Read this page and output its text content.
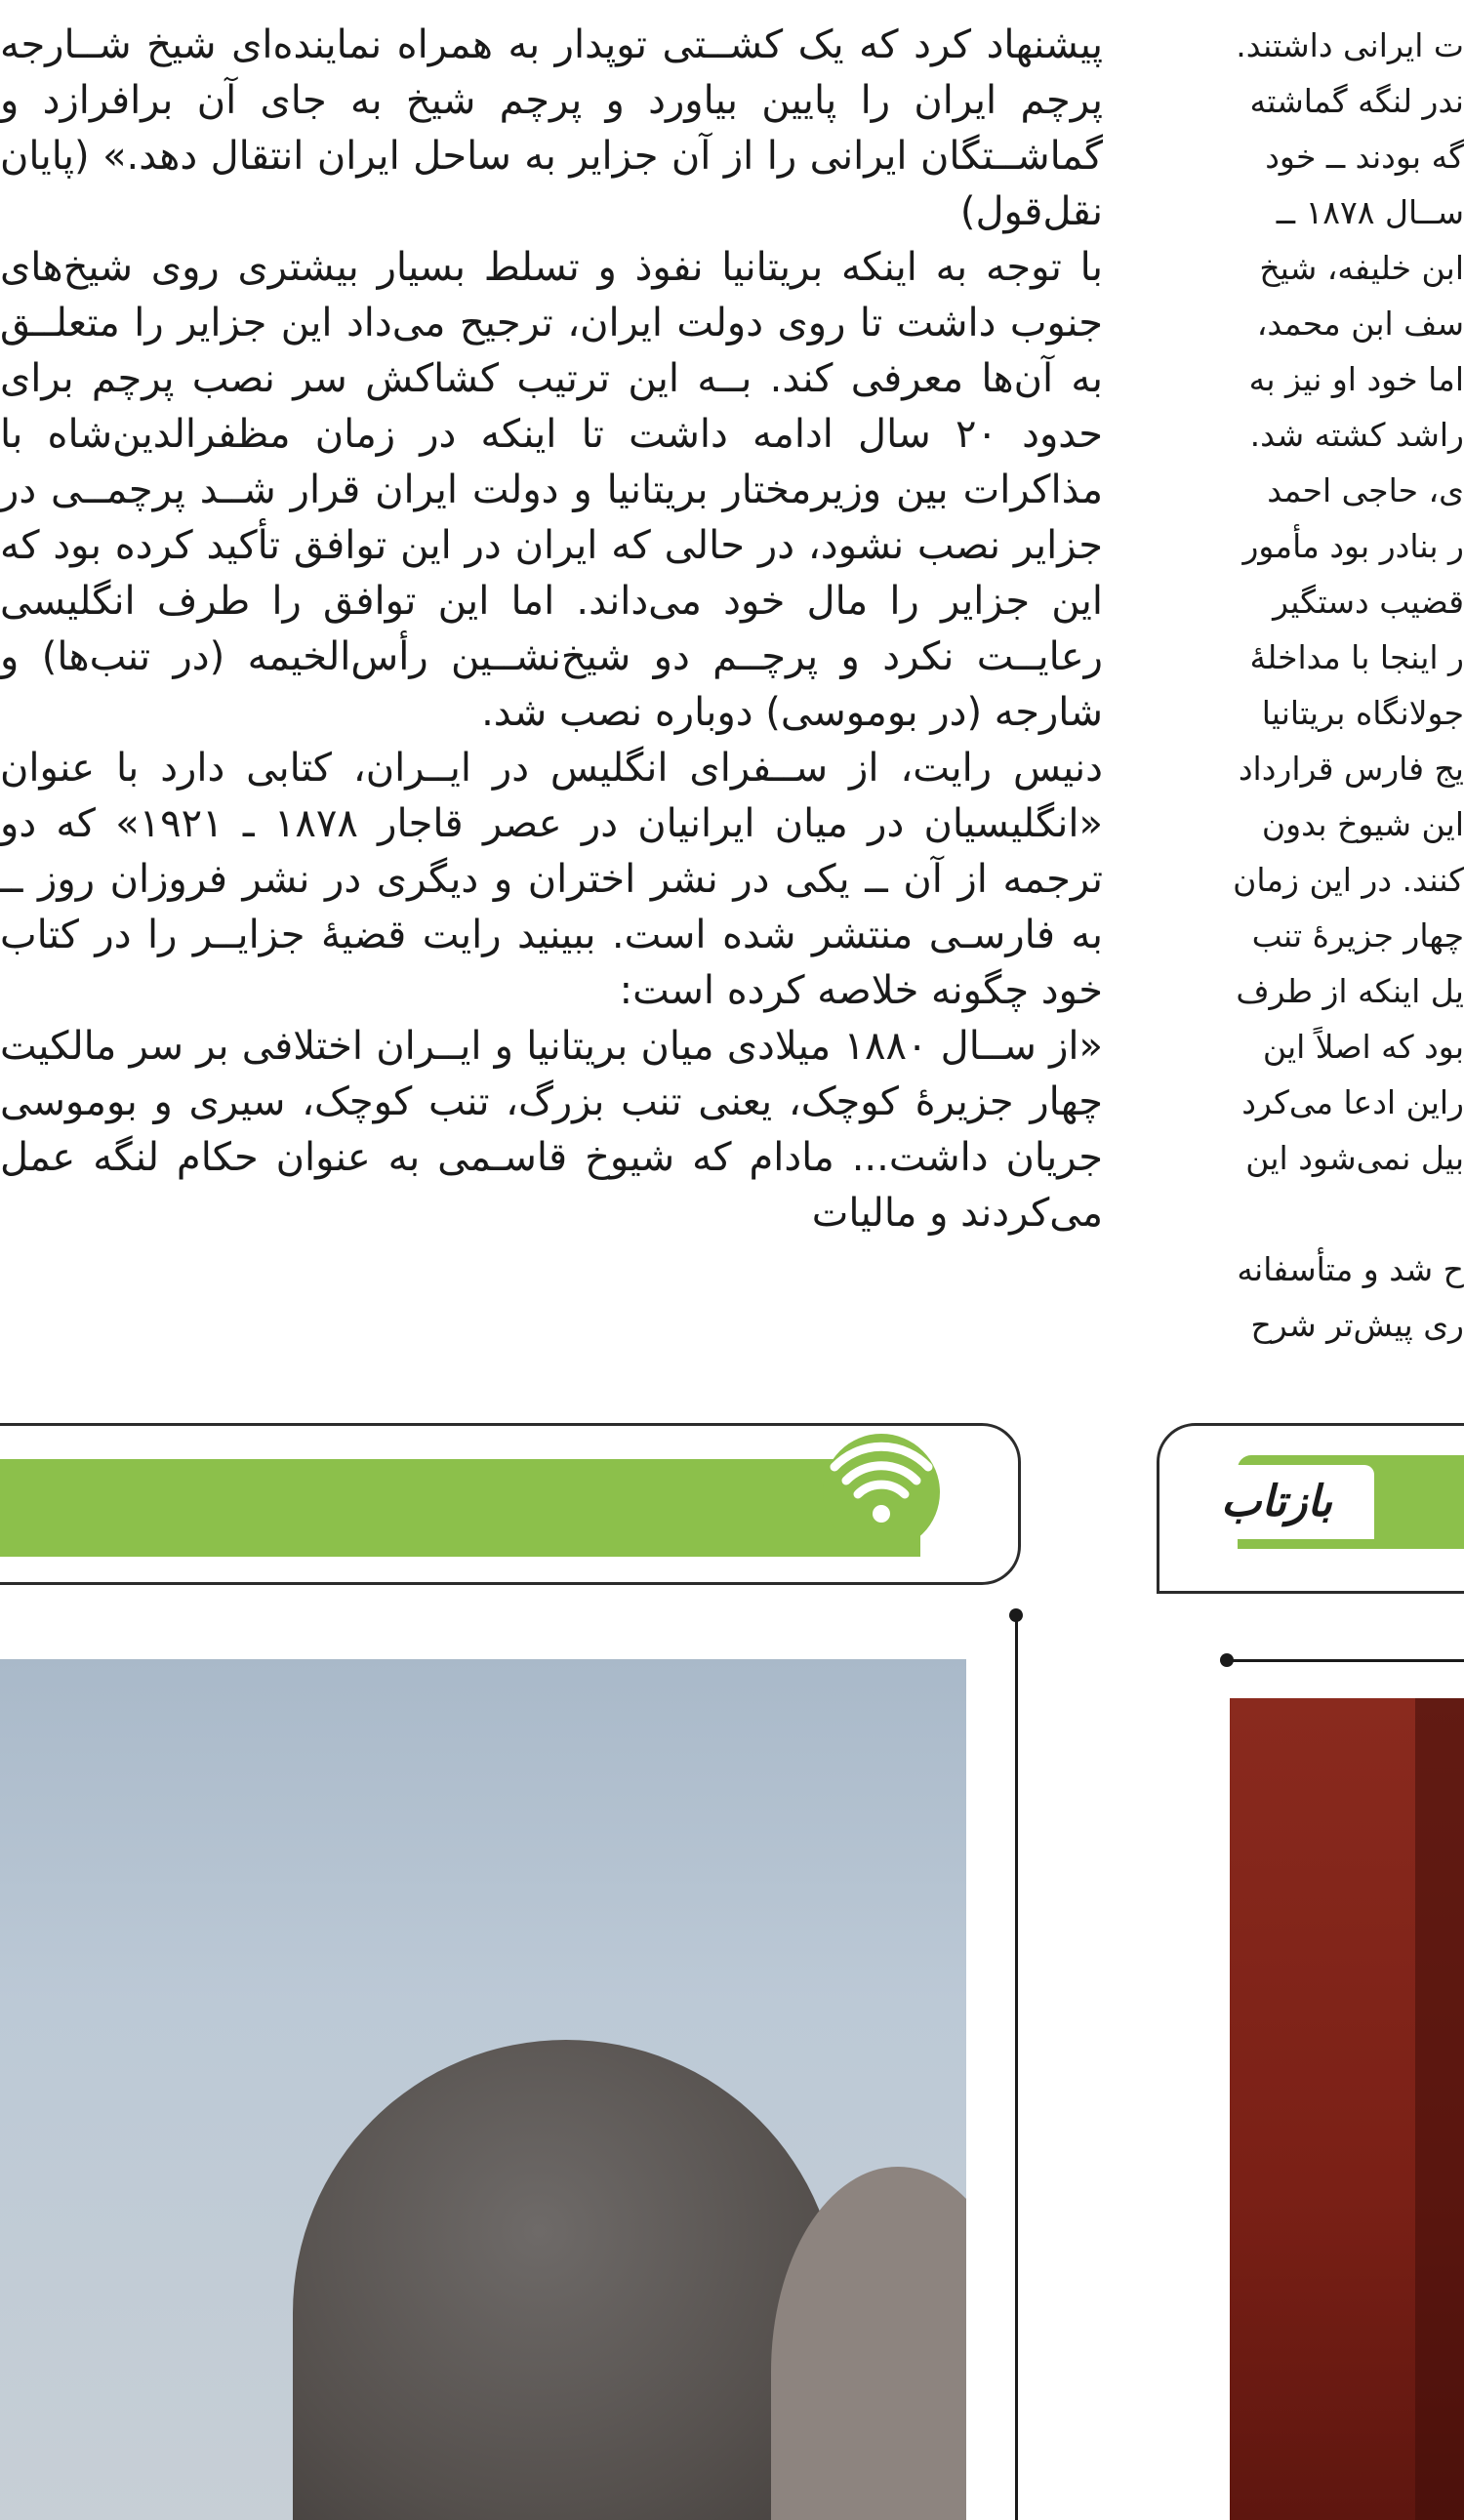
پیشنهاد کرد که یک کشــتی توپدار به همراه نماینده‌ای شیخ شــارجه پرچم ایران را پایین بیاورد و پرچم شیخ به جای آن برافرازد و گماشــتگان ایرانی را از آن جزایر به ساحل ایران انتقال دهد.» (پایان نقل‌قول)

با توجه به اینکه بریتانیا نفوذ و تسلط بسیار بیشتری روی شیخ‌های جنوب داشت تا روی دولت ایران، ترجیح می‌داد این جزایر را متعلــق به آن‌ها معرفی کند. بــه این ترتیب کشاکش سر نصب پرچم برای حدود ۲۰ سال ادامه داشت تا اینکه در زمان مظفرالدین‌شاه با مذاکرات بین وزیرمختار بریتانیا و دولت ایران قرار شــد پرچمــی در جزایر نصب نشود، در حالی که ایران در این توافق تأکید کرده بود که این جزایر را مال خود می‌داند. اما این توافق را طرف انگلیسی رعایــت نکرد و پرچــم دو شیخ‌نشــین رأس‌الخیمه (در تنب‌ها) و شارجه (در بوموسی) دوباره نصب شد.

دنیس رایت، از ســفرای انگلیس در ایــران، کتابی دارد با عنوان «انگلیسیان در میان ایرانیان در عصر قاجار ۱۸۷۸ ـ ۱۹۲۱» که دو ترجمه از آن ــ یکی در نشر اختران و دیگری در نشر فروزان روز ــ به فارسـی منتشر شده است. ببینید رایت قضیهٔ جزایــر را در کتاب خود چگونه خلاصه کرده است:

«از ســال ۱۸۸۰ میلادی میان بریتانیا و ایــران اختلافی بر سر مالکیت چهار جزیرهٔ کوچک، یعنی تنب بزرگ، تنب کوچک، سیری و بوموسی جریان داشت... مادام که شیوخ قاسـمی به عنوان حکام لنگه عمل می‌کردند و مالیات

ت ایرانی داشتند.

ندر لنگه گماشته

گه بودند ــ خود

ســال ۱۸۷۸ ــ

ابن خلیفه، شیخ

سف ابن محمد،

اما خود او نیز به

راشد کشته شد.

ی، حاجی احمد

ر بنادر بود مأمور

قضیب دستگیر

ر اینجا با مداخلهٔ

جولانگاه بریتانیا

یج فارس قرارداد

این شیوخ بدون

کنند. در این زمان

چهار جزیرهٔ تنب

یل اینکه از طرف

بود که اصلاً این

راین ادعا می‌کرد

بیل نمی‌شود این

ح شد و متأسفانه

ری پیش‌تر شرح

بازتاب
